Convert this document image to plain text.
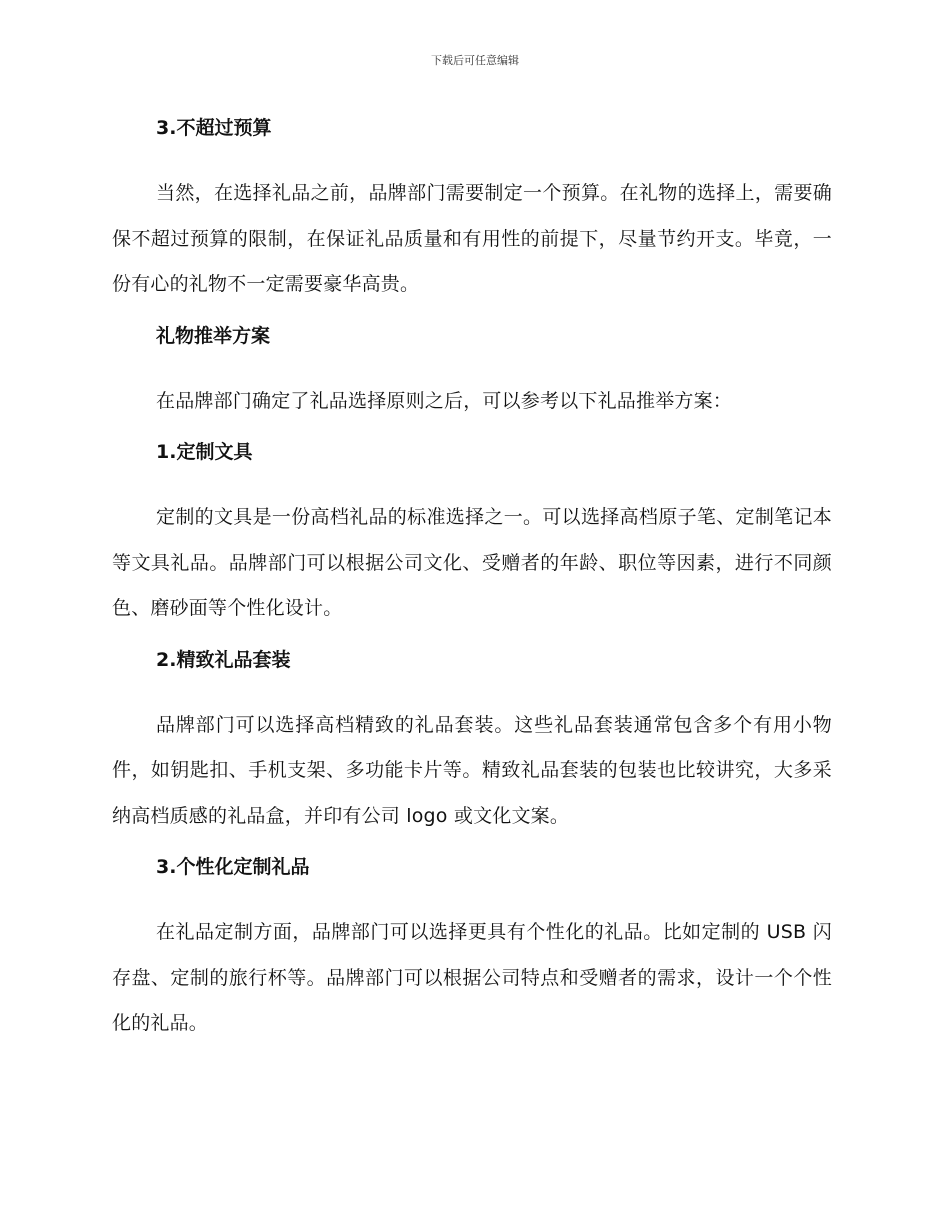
下载后可任意编辑
3.不超过预算

当然，在选择礼品之前，品牌部门需要制定一个预算。在礼物的选择上，需要确保不超过预算的限制，在保证礼品质量和有用性的前提下，尽量节约开支。毕竟，一份有心的礼物不一定需要豪华高贵。

礼物推举方案

在品牌部门确定了礼品选择原则之后，可以参考以下礼品推举方案：

1.定制文具

定制的文具是一份高档礼品的标准选择之一。可以选择高档原子笔、定制笔记本等文具礼品。品牌部门可以根据公司文化、受赠者的年龄、职位等因素，进行不同颜色、磨砂面等个性化设计。

2.精致礼品套装

品牌部门可以选择高档精致的礼品套装。这些礼品套装通常包含多个有用小物件，如钥匙扣、手机支架、多功能卡片等。精致礼品套装的包装也比较讲究，大多采纳高档质感的礼品盒，并印有公司 logo 或文化文案。

3.个性化定制礼品

在礼品定制方面，品牌部门可以选择更具有个性化的礼品。比如定制的 USB 闪存盘、定制的旅行杯等。品牌部门可以根据公司特点和受赠者的需求，设计一个个性化的礼品。
